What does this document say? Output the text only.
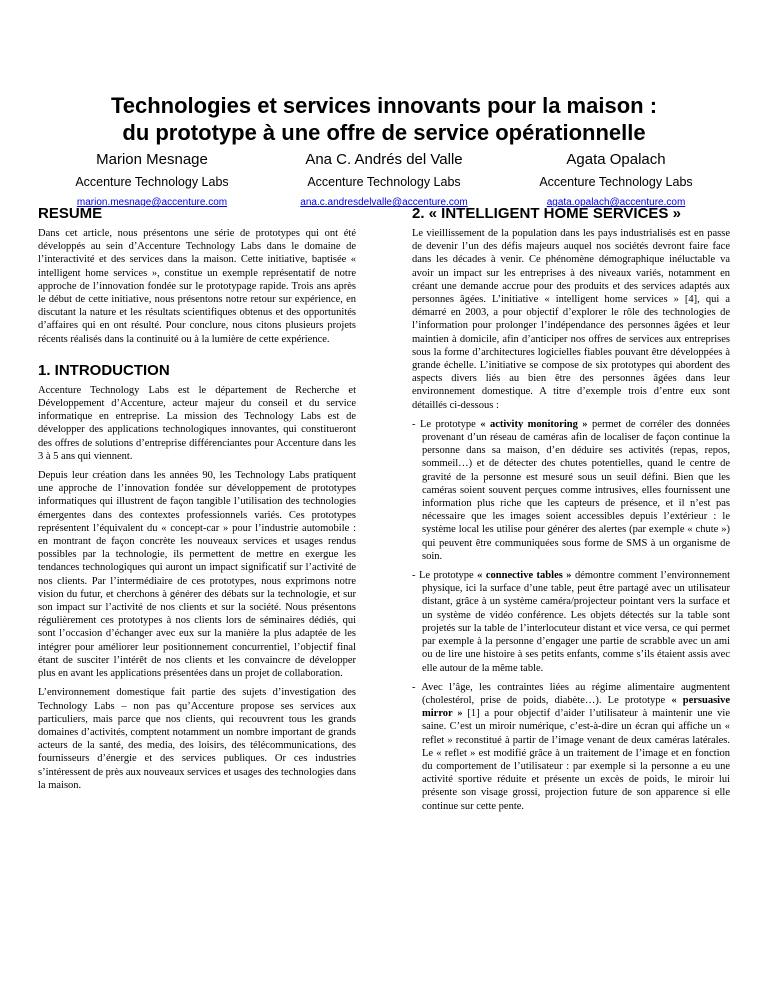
Technologies et services innovants pour la maison :
du prototype à une offre de service opérationnelle
Marion Mesnage
Accenture Technology Labs
marion.mesnage@accenture.com
Ana C. Andrés del Valle
Accenture Technology Labs
ana.c.andresdelvalle@accenture.com
Agata Opalach
Accenture Technology Labs
agata.opalach@accenture.com
RESUME

Dans cet article, nous présentons une série de prototypes qui ont été développés au sein d’Accenture Technology Labs dans le domaine de l’interactivité et des services dans la maison. Cette initiative, baptisée « intelligent home services », constitue un exemple représentatif de notre approche de l’innovation fondée sur le prototypage rapide. Trois ans après le début de cette initiative, nous présentons notre retour sur expérience, en discutant la nature et les résultats scientifiques obtenus et des opportunités d’affaires qui en ont résulté. Pour conclure, nous citons plusieurs projets récents réalisés dans la continuité ou à la lumière de cette expérience.

1. INTRODUCTION

Accenture Technology Labs est le département de Recherche et Développement d’Accenture, acteur majeur du conseil et du service informatique en entreprise. La mission des Technology Labs est de développer des applications technologiques innovantes, qui constitueront des offres de solutions d’entreprise différenciantes pour Accenture dans les 3 à 5 ans qui viennent.

Depuis leur création dans les années 90, les Technology Labs pratiquent une approche de l’innovation fondée sur développement de prototypes informatiques qui illustrent de façon tangible l’utilisation des technologies émergentes dans des contextes professionnels variés. Ces prototypes représentent l’équivalent du « concept-car » pour l’industrie automobile : en montrant de façon concrète les nouveaux services et usages rendus possibles par la technologie, ils permettent de mettre en exergue les tendances technologiques qui auront un impact significatif sur l’activité de nos clients. Par l’intermédiaire de ces prototypes, nous exprimons notre vision du futur, et cherchons à générer des débats sur la technologie, et sur son impact sur l’activité de nos clients et sur la société. Nous présentons régulièrement ces prototypes à nos clients lors de séminaires dédiés, qui sont l’occasion d’échanger avec eux sur la manière la plus adaptée de les intégrer pour améliorer leur positionnement concurrentiel, l’objectif final étant de susciter l’intérêt de nos clients et les convaincre de développer plus en avant les applications présentées dans un projet de collaboration.

L’environnement domestique fait partie des sujets d’investigation des Technology Labs – non pas qu’Accenture propose ses services aux particuliers, mais parce que nos clients, qui recouvrent tous les grands domaines d’activités, comptent notamment un nombre important de grands acteurs de la santé, des media, des loisirs, des télécommunications, des fournisseurs d’énergie et des services publiques. Or ces industries s’intéressent de près aux nouveaux services et usages des technologies dans la maison.

2. « INTELLIGENT HOME SERVICES »

Le vieillissement de la population dans les pays industrialisés est en passe de devenir l’un des défis majeurs auquel nos sociétés devront faire face dans les décades à venir. Ce phénomène démographique inéluctable va avoir un impact sur les entreprises à des niveaux variés, notamment en créant une demande accrue pour des produits et des services adaptés aux personnes âgées. L’initiative « intelligent home services » [4], qui a démarré en 2003, a pour objectif d’explorer le rôle des technologies de l’information pour prolonger l’indépendance des personnes âgées et leur maintien à domicile, afin d’anticiper nos offres de services aux entreprises sous la forme d’architectures logicielles fiables pouvant être développées à grande échelle. L’initiative se compose de six prototypes qui abordent des aspects divers liés au bien être des personnes âgées dans leur environnement domestique. A titre d’exemple trois d’entre eux sont détaillés ci-dessous :

- Le prototype « activity monitoring » permet de corréler des données provenant d’un réseau de caméras afin de localiser de façon continue la personne dans sa maison, d’en déduire ses activités (repas, repos, sommeil…) et de détecter des chutes potentielles, quand le centre de gravité de la personne est mesuré sous un seuil défini. Bien que les caméras soient souvent perçues comme intrusives, elles fournissent une information plus riche que les capteurs de présence, et il n’est pas nécessaire que les images soient accessibles depuis l’extérieur : le système local les utilise pour générer des alertes (par exemple « chute ») qui peuvent être communiquées sous forme de SMS à un organisme de soin.
- Le prototype « connective tables » démontre comment l’environnement physique, ici la surface d’une table, peut être partagé avec un utilisateur distant, grâce à un système caméra/projecteur pointant vers la surface et un système de vidéo conférence. Les objets détectés sur la table sont projetés sur la table de l’interlocuteur distant et vice versa, ce qui permet par exemple à la personne d’engager une partie de scrabble avec un ami ou de lire une histoire à ses petits enfants, comme s’ils étaient assis avec elle autour de la même table.
- Avec l’âge, les contraintes liées au régime alimentaire augmentent (cholestérol, prise de poids, diabète…). Le prototype « persuasive mirror » [1] a pour objectif d’aider l’utilisateur à maintenir une vie saine. C’est un miroir numérique, c’est-à-dire un écran qui affiche un « reflet » reconstitué à partir de l’image venant de deux caméras latérales. Le « reflet » est modifié grâce à un traitement de l’image et en fonction du comportement de l’utilisateur : par exemple si la personne a eu une activité sportive réduite et présente un excès de poids, le miroir lui présente son visage grossi, projection future de son apparence si elle continue sur cette pente.
